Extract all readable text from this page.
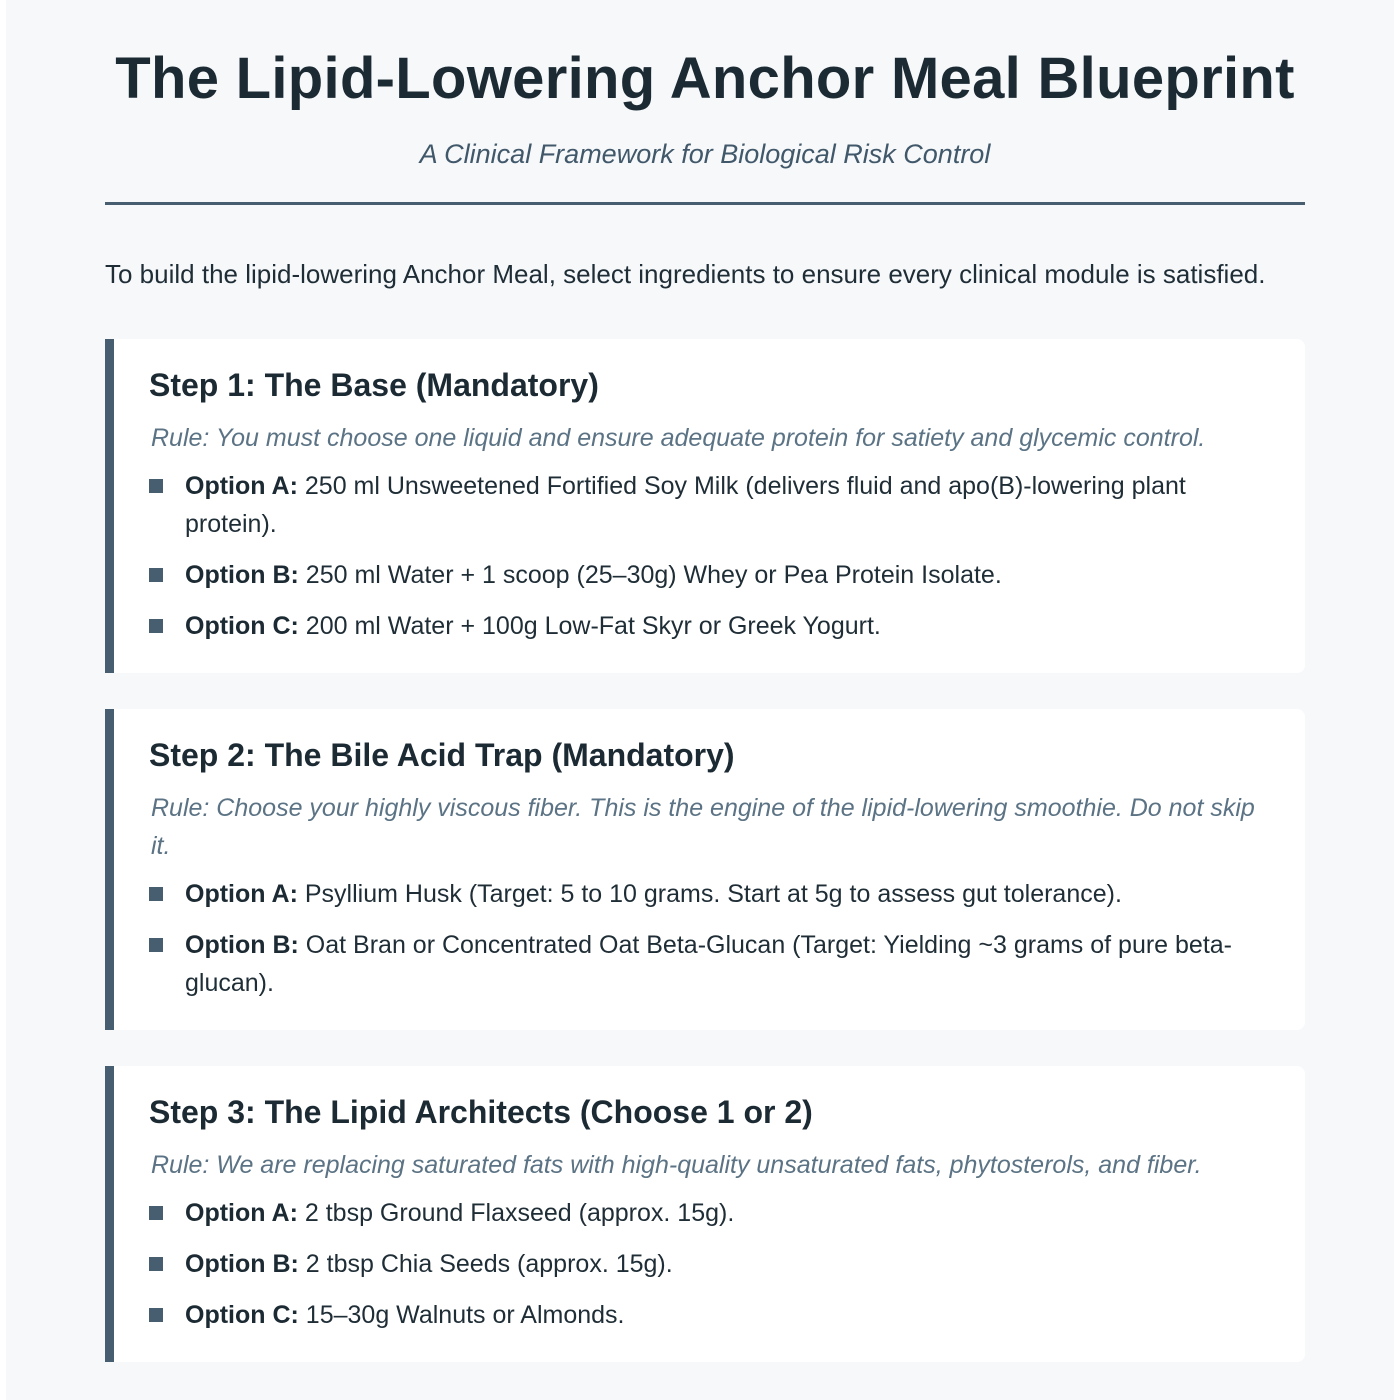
The Lipid-Lowering Anchor Meal Blueprint
A Clinical Framework for Biological Risk Control

To build the lipid-lowering Anchor Meal, select ingredients to ensure every clinical module is satisfied.

Step 1: The Base (Mandatory)
Rule: You must choose one liquid and ensure adequate protein for satiety and glycemic control.
Option A: 250 ml Unsweetened Fortified Soy Milk (delivers fluid and apo(B)-lowering plant protein).
Option B: 250 ml Water + 1 scoop (25–30g) Whey or Pea Protein Isolate.
Option C: 200 ml Water + 100g Low-Fat Skyr or Greek Yogurt.
Step 2: The Bile Acid Trap (Mandatory)
Rule: Choose your highly viscous fiber. This is the engine of the lipid-lowering smoothie. Do not skip it.
Option A: Psyllium Husk (Target: 5 to 10 grams. Start at 5g to assess gut tolerance).
Option B: Oat Bran or Concentrated Oat Beta-Glucan (Target: Yielding ~3 grams of pure beta-glucan).
Step 3: The Lipid Architects (Choose 1 or 2)
Rule: We are replacing saturated fats with high-quality unsaturated fats, phytosterols, and fiber.
Option A: 2 tbsp Ground Flaxseed (approx. 15g).
Option B: 2 tbsp Chia Seeds (approx. 15g).
Option C: 15–30g Walnuts or Almonds.
